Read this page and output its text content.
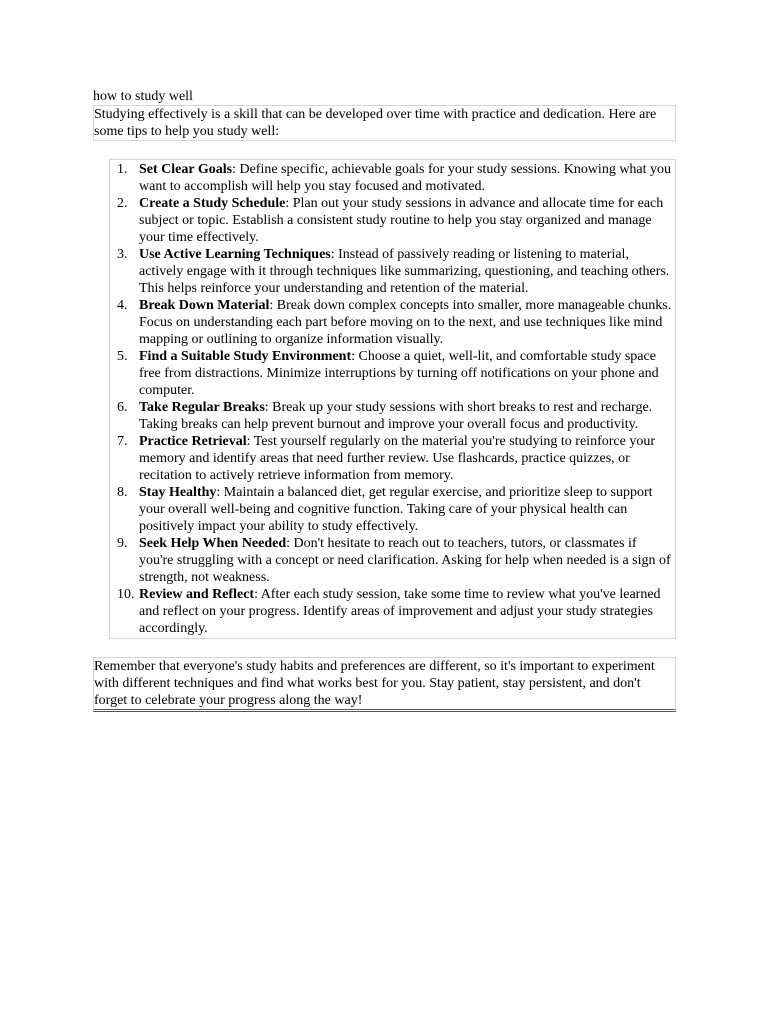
how to study well
Studying effectively is a skill that can be developed over time with practice and dedication. Here are some tips to help you study well:
1. Set Clear Goals: Define specific, achievable goals for your study sessions. Knowing what you want to accomplish will help you stay focused and motivated.
2. Create a Study Schedule: Plan out your study sessions in advance and allocate time for each subject or topic. Establish a consistent study routine to help you stay organized and manage your time effectively.
3. Use Active Learning Techniques: Instead of passively reading or listening to material, actively engage with it through techniques like summarizing, questioning, and teaching others. This helps reinforce your understanding and retention of the material.
4. Break Down Material: Break down complex concepts into smaller, more manageable chunks. Focus on understanding each part before moving on to the next, and use techniques like mind mapping or outlining to organize information visually.
5. Find a Suitable Study Environment: Choose a quiet, well-lit, and comfortable study space free from distractions. Minimize interruptions by turning off notifications on your phone and computer.
6. Take Regular Breaks: Break up your study sessions with short breaks to rest and recharge. Taking breaks can help prevent burnout and improve your overall focus and productivity.
7. Practice Retrieval: Test yourself regularly on the material you're studying to reinforce your memory and identify areas that need further review. Use flashcards, practice quizzes, or recitation to actively retrieve information from memory.
8. Stay Healthy: Maintain a balanced diet, get regular exercise, and prioritize sleep to support your overall well-being and cognitive function. Taking care of your physical health can positively impact your ability to study effectively.
9. Seek Help When Needed: Don't hesitate to reach out to teachers, tutors, or classmates if you're struggling with a concept or need clarification. Asking for help when needed is a sign of strength, not weakness.
10. Review and Reflect: After each study session, take some time to review what you've learned and reflect on your progress. Identify areas of improvement and adjust your study strategies accordingly.
Remember that everyone's study habits and preferences are different, so it's important to experiment with different techniques and find what works best for you. Stay patient, stay persistent, and don't forget to celebrate your progress along the way!
